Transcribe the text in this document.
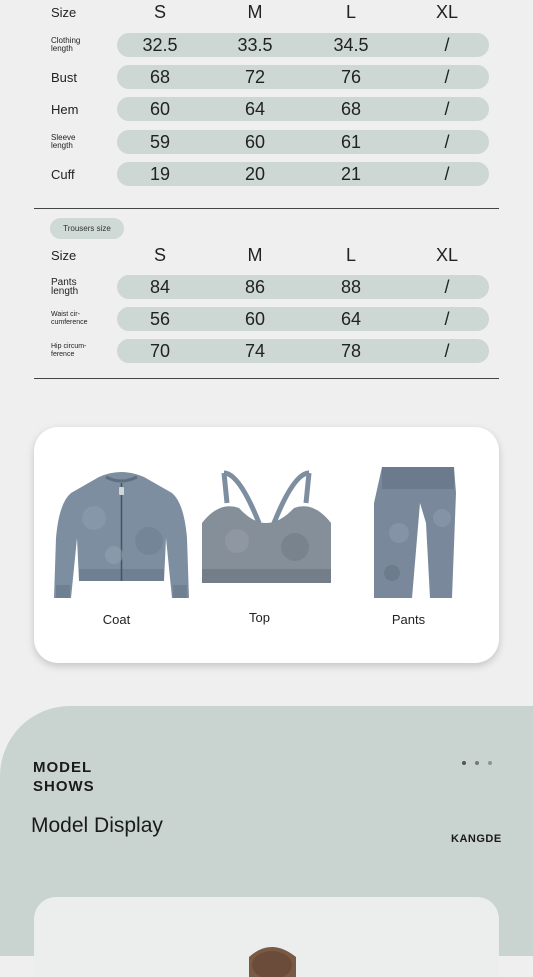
Size	S	M	L	XL
Clothing
length	32.5	33.5	34.5	/
Bust	68	72	76	/
Hem	60	64	68	/
Sleeve
length	59	60	61	/
Cuff	19	20	21	/
Trousers size
Size	S	M	L	XL
Pants
length	84	86	88	/
Waist cir-
cumference	56	60	64	/
Hip circum-
ference	70	74	78	/
Coat	Top	Pants
MODEL
SHOWS
Model Display
KANGDE
